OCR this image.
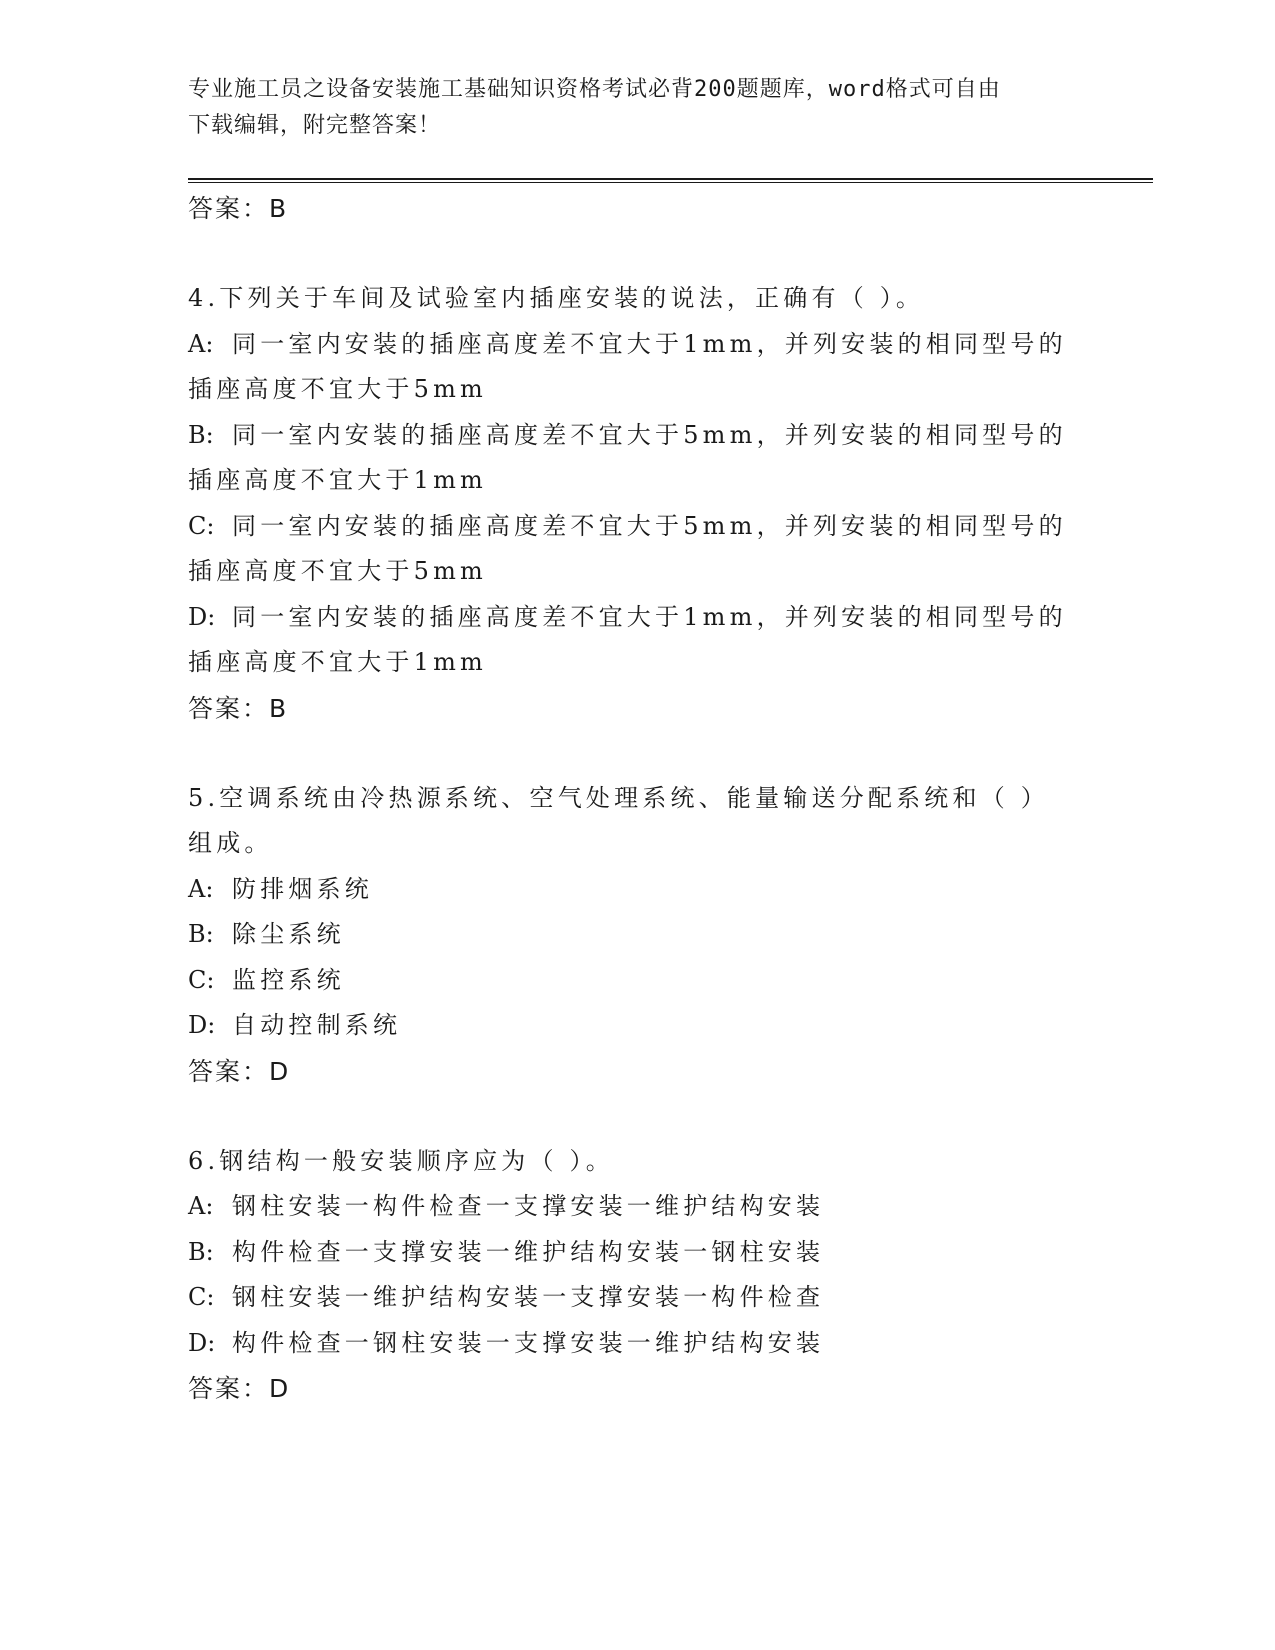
专业施工员之设备安装施工基础知识资格考试必背200题题库，word格式可自由
下载编辑，附完整答案！
答案：B
4.下列关于车间及试验室内插座安装的说法，正确有（ ）。
A: 同一室内安装的插座高度差不宜大于1mm，并列安装的相同型号的
插座高度不宜大于5mm
B: 同一室内安装的插座高度差不宜大于5mm，并列安装的相同型号的
插座高度不宜大于1mm
C: 同一室内安装的插座高度差不宜大于5mm，并列安装的相同型号的
插座高度不宜大于5mm
D: 同一室内安装的插座高度差不宜大于1mm，并列安装的相同型号的
插座高度不宜大于1mm
答案：B
5.空调系统由冷热源系统、空气处理系统、能量输送分配系统和（ ）
组成。
A: 防排烟系统
B: 除尘系统
C: 监控系统
D: 自动控制系统
答案：D
6.钢结构一般安装顺序应为（ ）。
A: 钢柱安装一构件检查一支撑安装一维护结构安装
B: 构件检查一支撑安装一维护结构安装一钢柱安装
C: 钢柱安装一维护结构安装一支撑安装一构件检查
D: 构件检查一钢柱安装一支撑安装一维护结构安装
答案：D
